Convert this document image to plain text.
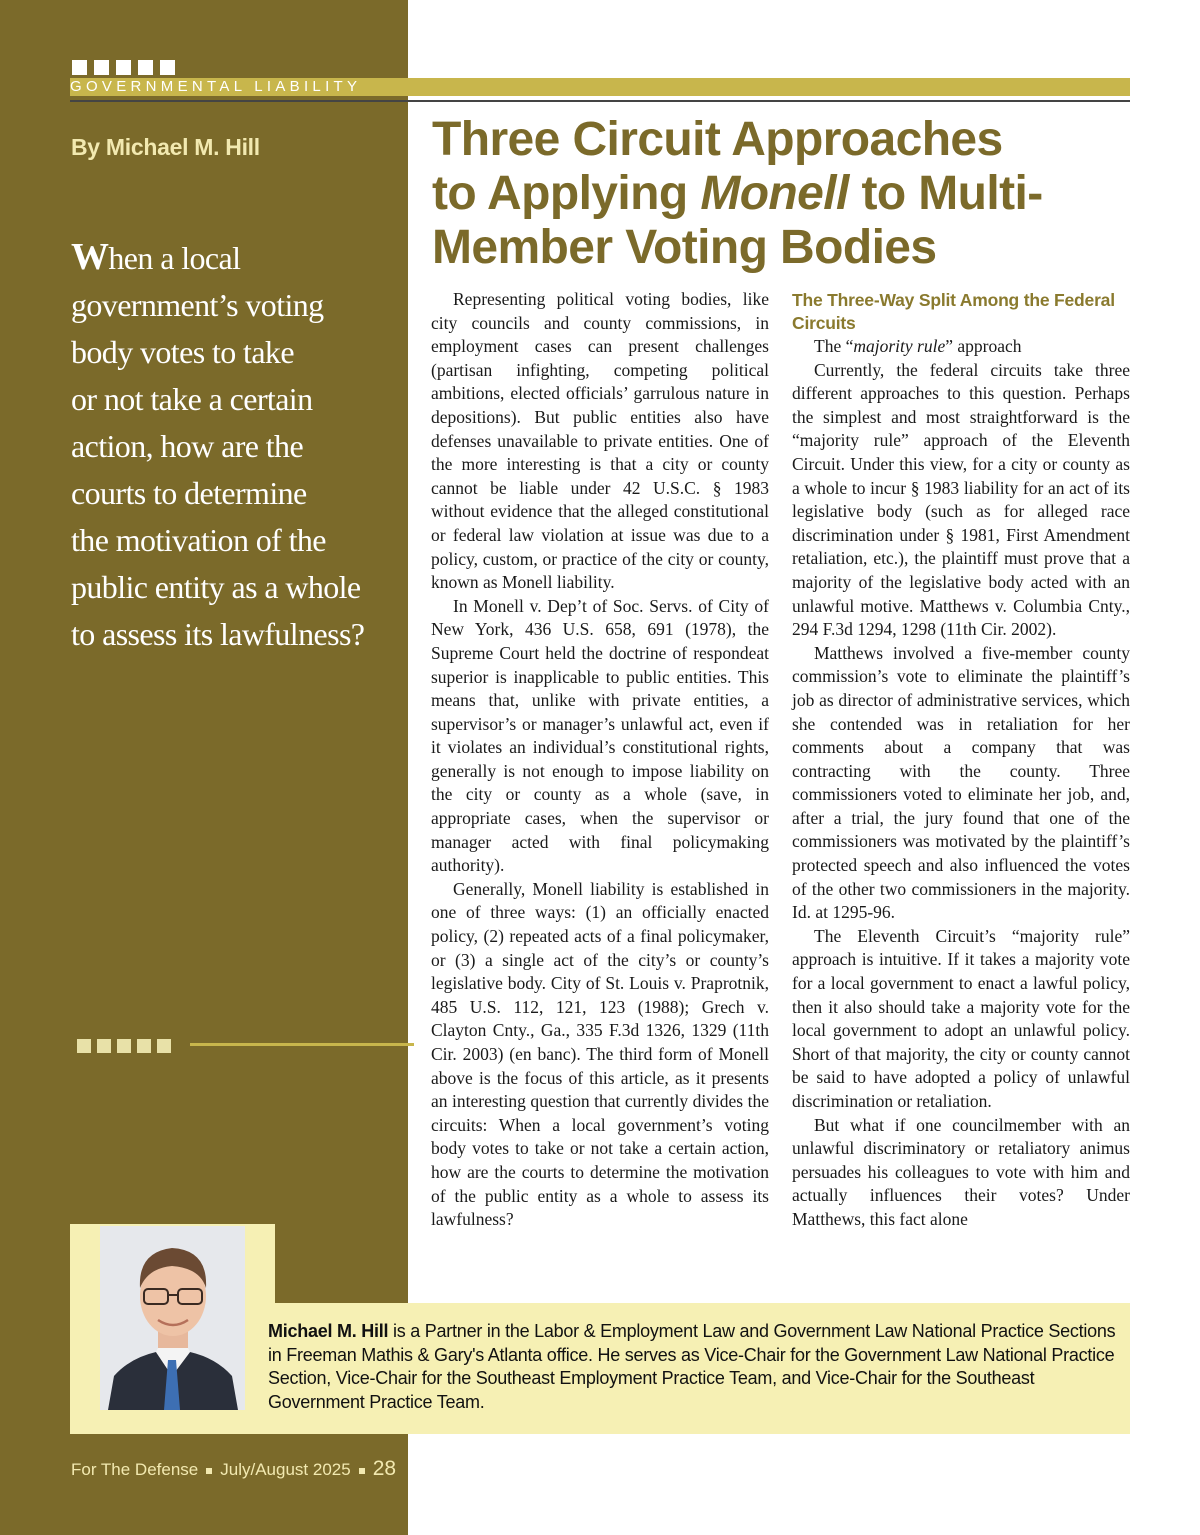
GOVERNMENTAL LIABILITY
By Michael M. Hill
When a local
government’s voting
body votes to take
or not take a certain
action, how are the
courts to determine
the motivation of the
public entity as a whole
to assess its lawfulness?
Three Circuit Approaches
to Applying Monell to Multi-
Member Voting Bodies

Representing political voting bodies, like city councils and county commissions, in employment cases can present challenges (partisan infighting, competing political ambitions, elected officials’ garrulous nature in depositions). But public entities also have defenses unavailable to private entities. One of the more interesting is that a city or county cannot be liable under 42 U.S.C. § 1983 without evidence that the alleged constitutional or federal law violation at issue was due to a policy, custom, or practice of the city or county, known as Monell liability.

In Monell v. Dep’t of Soc. Servs. of City of New York, 436 U.S. 658, 691 (1978), the Supreme Court held the doctrine of respondeat superior is inapplicable to public entities. This means that, unlike with private entities, a supervisor’s or manager’s unlawful act, even if it violates an individual’s constitutional rights, generally is not enough to impose liability on the city or county as a whole (save, in appropriate cases, when the supervisor or manager acted with final policymaking authority).

Generally, Monell liability is established in one of three ways: (1) an officially enacted policy, (2) repeated acts of a final policymaker, or (3) a single act of the city’s or county’s legislative body. City of St. Louis v. Praprotnik, 485 U.S. 112, 121, 123 (1988); Grech v. Clayton Cnty., Ga., 335 F.3d 1326, 1329 (11th Cir. 2003) (en banc). The third form of Monell above is the focus of this article, as it presents an interesting question that currently divides the circuits: When a local government’s voting body votes to take or not take a certain action, how are the courts to determine the motivation of the public entity as a whole to assess its lawfulness?

The Three-Way Split Among the Federal Circuits

The “majority rule” approach

Currently, the federal circuits take three different approaches to this question. Perhaps the simplest and most straightforward is the “majority rule” approach of the Eleventh Circuit. Under this view, for a city or county as a whole to incur § 1983 liability for an act of its legislative body (such as for alleged race discrimination under § 1981, First Amendment retaliation, etc.), the plaintiff must prove that a majority of the legislative body acted with an unlawful motive. Matthews v. Columbia Cnty., 294 F.3d 1294, 1298 (11th Cir. 2002).

Matthews involved a five-member county commission’s vote to eliminate the plaintiff’s job as director of administrative services, which she contended was in retaliation for her comments about a company that was contracting with the county. Three commissioners voted to eliminate her job, and, after a trial, the jury found that one of the commissioners was motivated by the plaintiff’s protected speech and also influenced the votes of the other two commissioners in the majority. Id. at 1295-96.

The Eleventh Circuit’s “majority rule” approach is intuitive. If it takes a majority vote for a local government to enact a lawful policy, then it also should take a majority vote for the local government to adopt an unlawful policy. Short of that majority, the city or county cannot be said to have adopted a policy of unlawful discrimination or retaliation.

But what if one councilmember with an unlawful discriminatory or retaliatory animus persuades his colleagues to vote with him and actually influences their votes? Under Matthews, this fact alone

Michael M. Hill is a Partner in the Labor & Employment Law and Government Law National Practice Sections in Freeman Mathis & Gary's Atlanta office. He serves as Vice-Chair for the Government Law National Practice Section, Vice-Chair for the Southeast Employment Practice Team, and Vice-Chair for the Southeast Government Practice Team.
For The Defense July/August 2025 28
